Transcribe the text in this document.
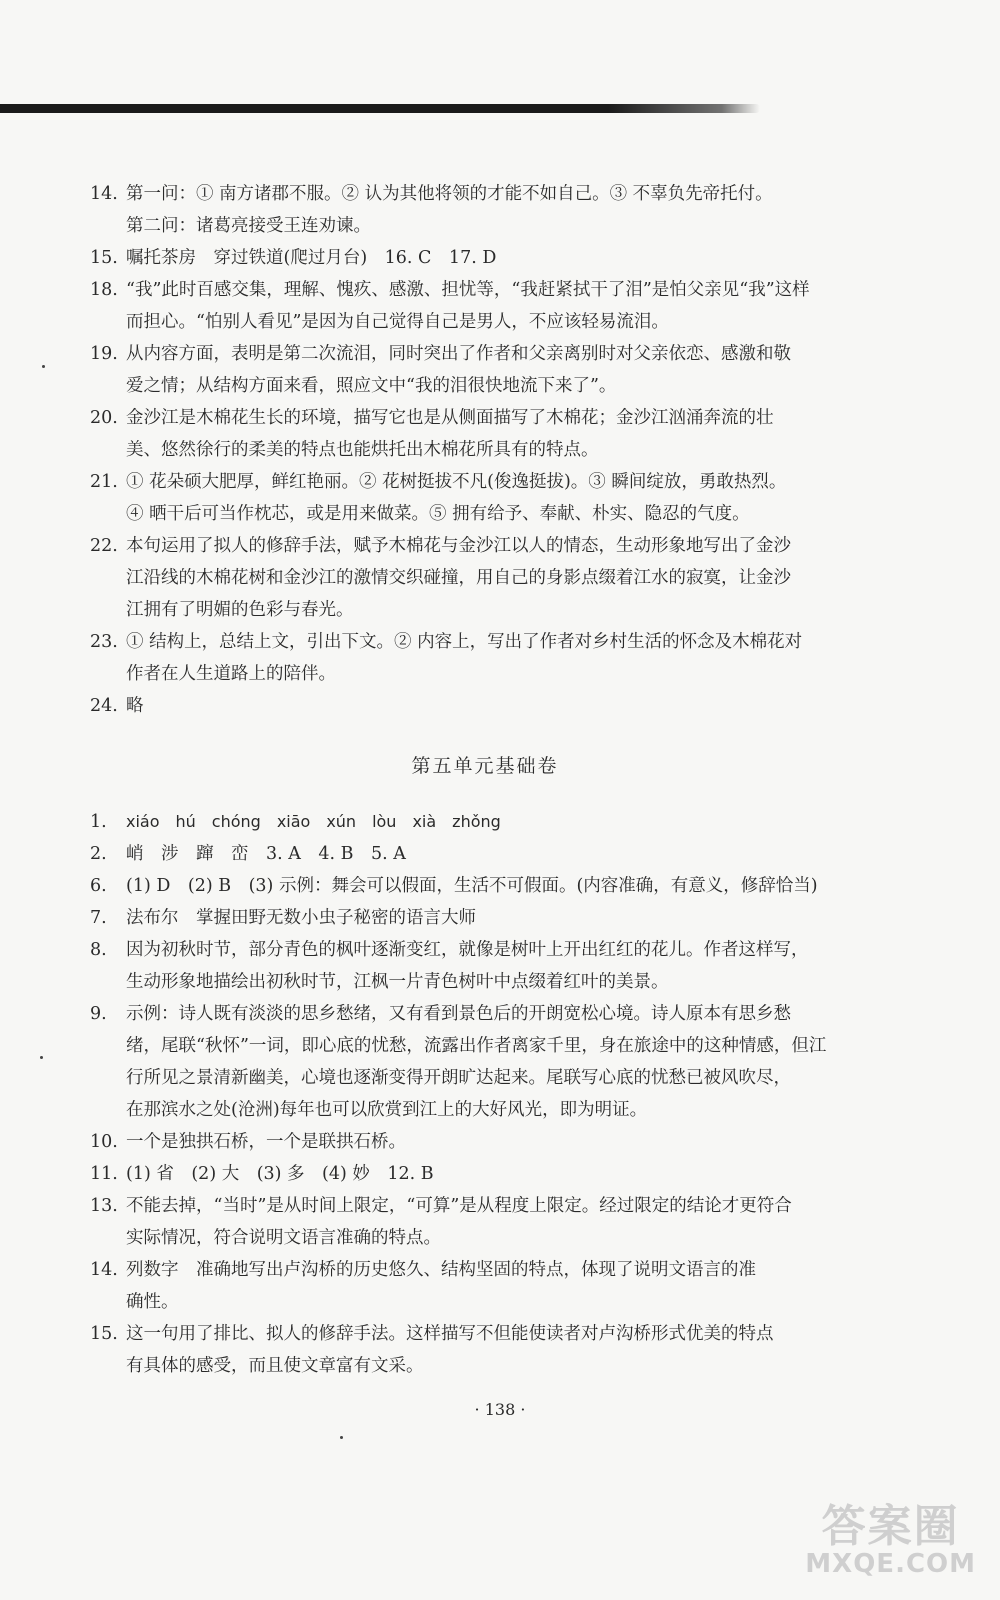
14. 第一问：① 南方诸郡不服。② 认为其他将领的才能不如自己。③ 不辜负先帝托付。
第二问：诸葛亮接受王连劝谏。
15. 嘱托茶房　穿过铁道(爬过月台)　16. C　17. D
18. “我”此时百感交集，理解、愧疚、感激、担忧等，“我赶紧拭干了泪”是怕父亲见“我”这样
而担心。“怕别人看见”是因为自己觉得自己是男人，不应该轻易流泪。
19. 从内容方面，表明是第二次流泪，同时突出了作者和父亲离别时对父亲依恋、感激和敬
爱之情；从结构方面来看，照应文中“我的泪很快地流下来了”。
20. 金沙江是木棉花生长的环境，描写它也是从侧面描写了木棉花；金沙江汹涌奔流的壮
美、悠然徐行的柔美的特点也能烘托出木棉花所具有的特点。
21. ① 花朵硕大肥厚，鲜红艳丽。② 花树挺拔不凡(俊逸挺拔)。③ 瞬间绽放，勇敢热烈。
④ 晒干后可当作枕芯，或是用来做菜。⑤ 拥有给予、奉献、朴实、隐忍的气度。
22. 本句运用了拟人的修辞手法，赋予木棉花与金沙江以人的情态，生动形象地写出了金沙
江沿线的木棉花树和金沙江的激情交织碰撞，用自己的身影点缀着江水的寂寞，让金沙
江拥有了明媚的色彩与春光。
23. ① 结构上，总结上文，引出下文。② 内容上，写出了作者对乡村生活的怀念及木棉花对
作者在人生道路上的陪伴。
24. 略
第五单元基础卷
1. xiáo　hú　chóng　xiāo　xún　lòu　xià　zhǒng
2. 峭　涉　蹿　峦　3. A　4. B　5. A
6. (1) D　(2) B　(3) 示例：舞会可以假面，生活不可假面。(内容准确，有意义，修辞恰当)
7. 法布尔　掌握田野无数小虫子秘密的语言大师
8. 因为初秋时节，部分青色的枫叶逐渐变红，就像是树叶上开出红红的花儿。作者这样写，
生动形象地描绘出初秋时节，江枫一片青色树叶中点缀着红叶的美景。
9. 示例：诗人既有淡淡的思乡愁绪，又有看到景色后的开朗宽松心境。诗人原本有思乡愁
绪，尾联“秋怀”一词，即心底的忧愁，流露出作者离家千里，身在旅途中的这种情感，但江
行所见之景清新幽美，心境也逐渐变得开朗旷达起来。尾联写心底的忧愁已被风吹尽，
在那滨水之处(沧洲)每年也可以欣赏到江上的大好风光，即为明证。
10. 一个是独拱石桥，一个是联拱石桥。
11. (1) 省　(2) 大　(3) 多　(4) 妙　12. B
13. 不能去掉，“当时”是从时间上限定，“可算”是从程度上限定。经过限定的结论才更符合
实际情况，符合说明文语言准确的特点。
14. 列数字　准确地写出卢沟桥的历史悠久、结构坚固的特点，体现了说明文语言的准
确性。
15. 这一句用了排比、拟人的修辞手法。这样描写不但能使读者对卢沟桥形式优美的特点
有具体的感受，而且使文章富有文采。
· 138 ·
答案圈
MXQE.COM
